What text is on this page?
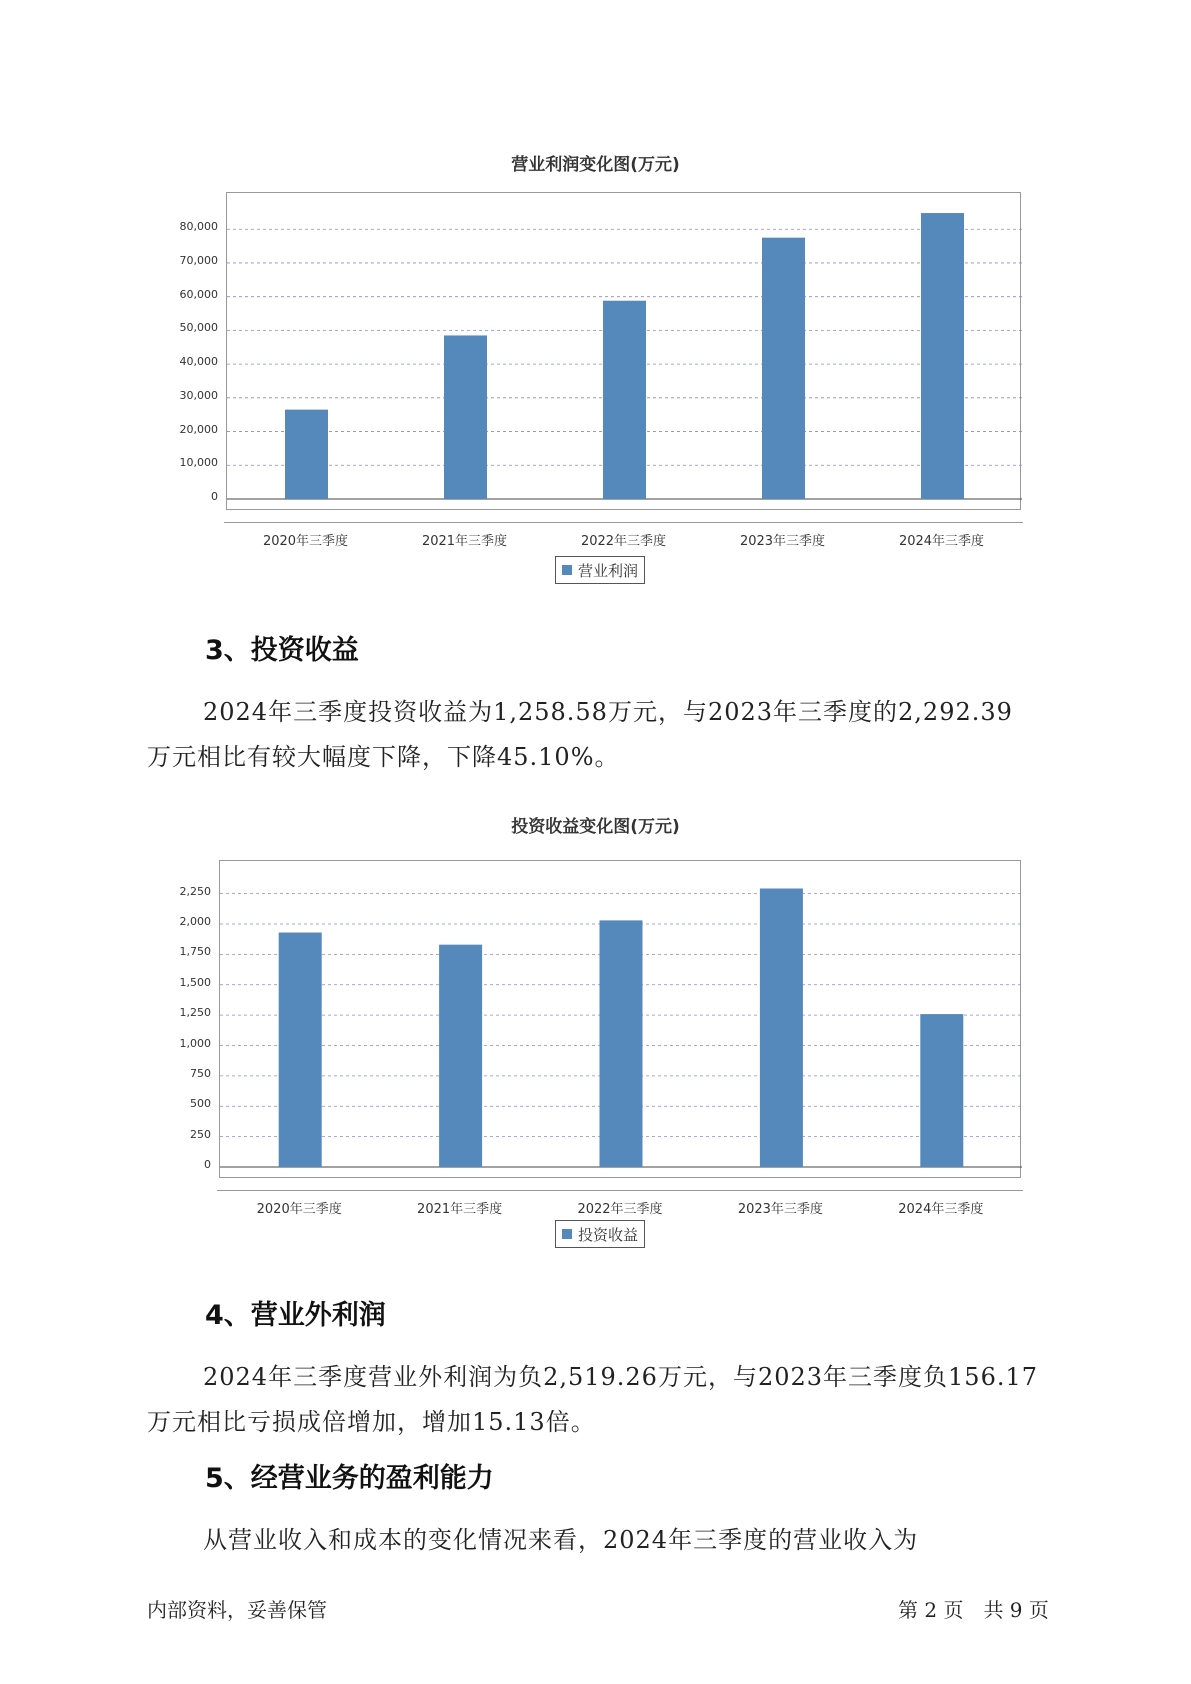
营业利润变化图(万元)
0
10,000
20,000
30,000
40,000
50,000
60,000
70,000
80,000
2020年三季度	2021年三季度	2022年三季度	2023年三季度	2024年三季度
营业利润
3、投资收益
2024年三季度投资收益为1,258.58万元，与2023年三季度的2,292.39
万元相比有较大幅度下降，下降45.10%。
投资收益变化图(万元)
0
250
500
750
1,000
1,250
1,500
1,750
2,000
2,250
2020年三季度	2021年三季度	2022年三季度	2023年三季度	2024年三季度
投资收益
4、营业外利润
2024年三季度营业外利润为负2,519.26万元，与2023年三季度负156.17
万元相比亏损成倍增加，增加15.13倍。
5、经营业务的盈利能力
从营业收入和成本的变化情况来看，2024年三季度的营业收入为
内部资料，妥善保管	第 2 页　共 9 页
